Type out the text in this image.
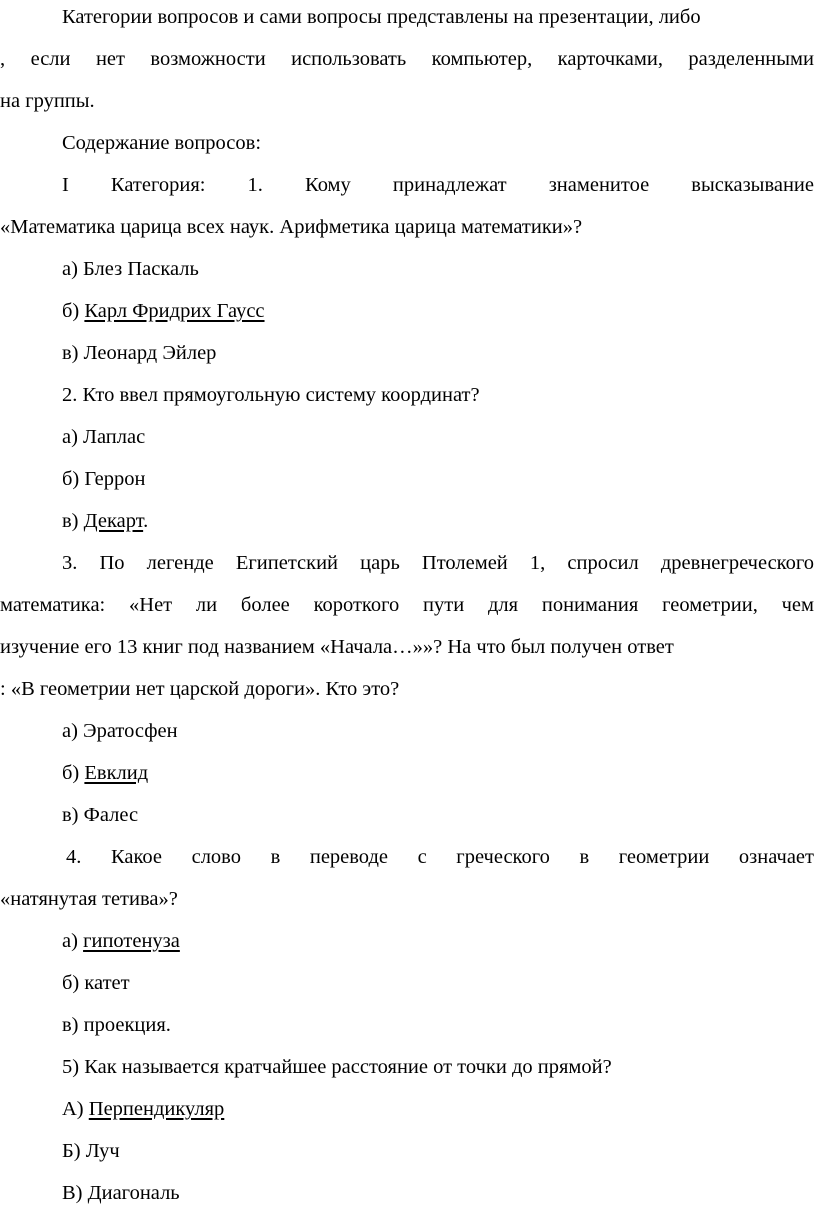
Категории вопросов и сами вопросы представлены на презентации, либо
, если нет возможности использовать компьютер, карточками, разделенными
на группы.
Содержание вопросов:
I Категория: 1. Кому принадлежат знаменитое высказывание
«Математика царица всех наук. Арифметика царица математики»?
а) Блез Паскаль
б) Карл Фридрих Гаусс
в) Леонард Эйлер
2. Кто ввел прямоугольную систему координат?
а) Лаплас
б) Геррон
в) Декарт.
3. По легенде Египетский царь Птолемей 1, спросил древнегреческого
математика: «Нет ли более короткого пути для понимания геометрии, чем
изучение его 13 книг под названием «Начала…»»? На что был получен ответ
: «В геометрии нет царской дороги». Кто это?
а) Эратосфен
б) Евклид
в) Фалес
4. Какое слово в переводе с греческого в геометрии означает
«натянутая тетива»?
а) гипотенуза
б) катет
в) проекция.
5) Как называется кратчайшее расстояние от точки до прямой?
А) Перпендикуляр
Б) Луч
В) Диагональ
